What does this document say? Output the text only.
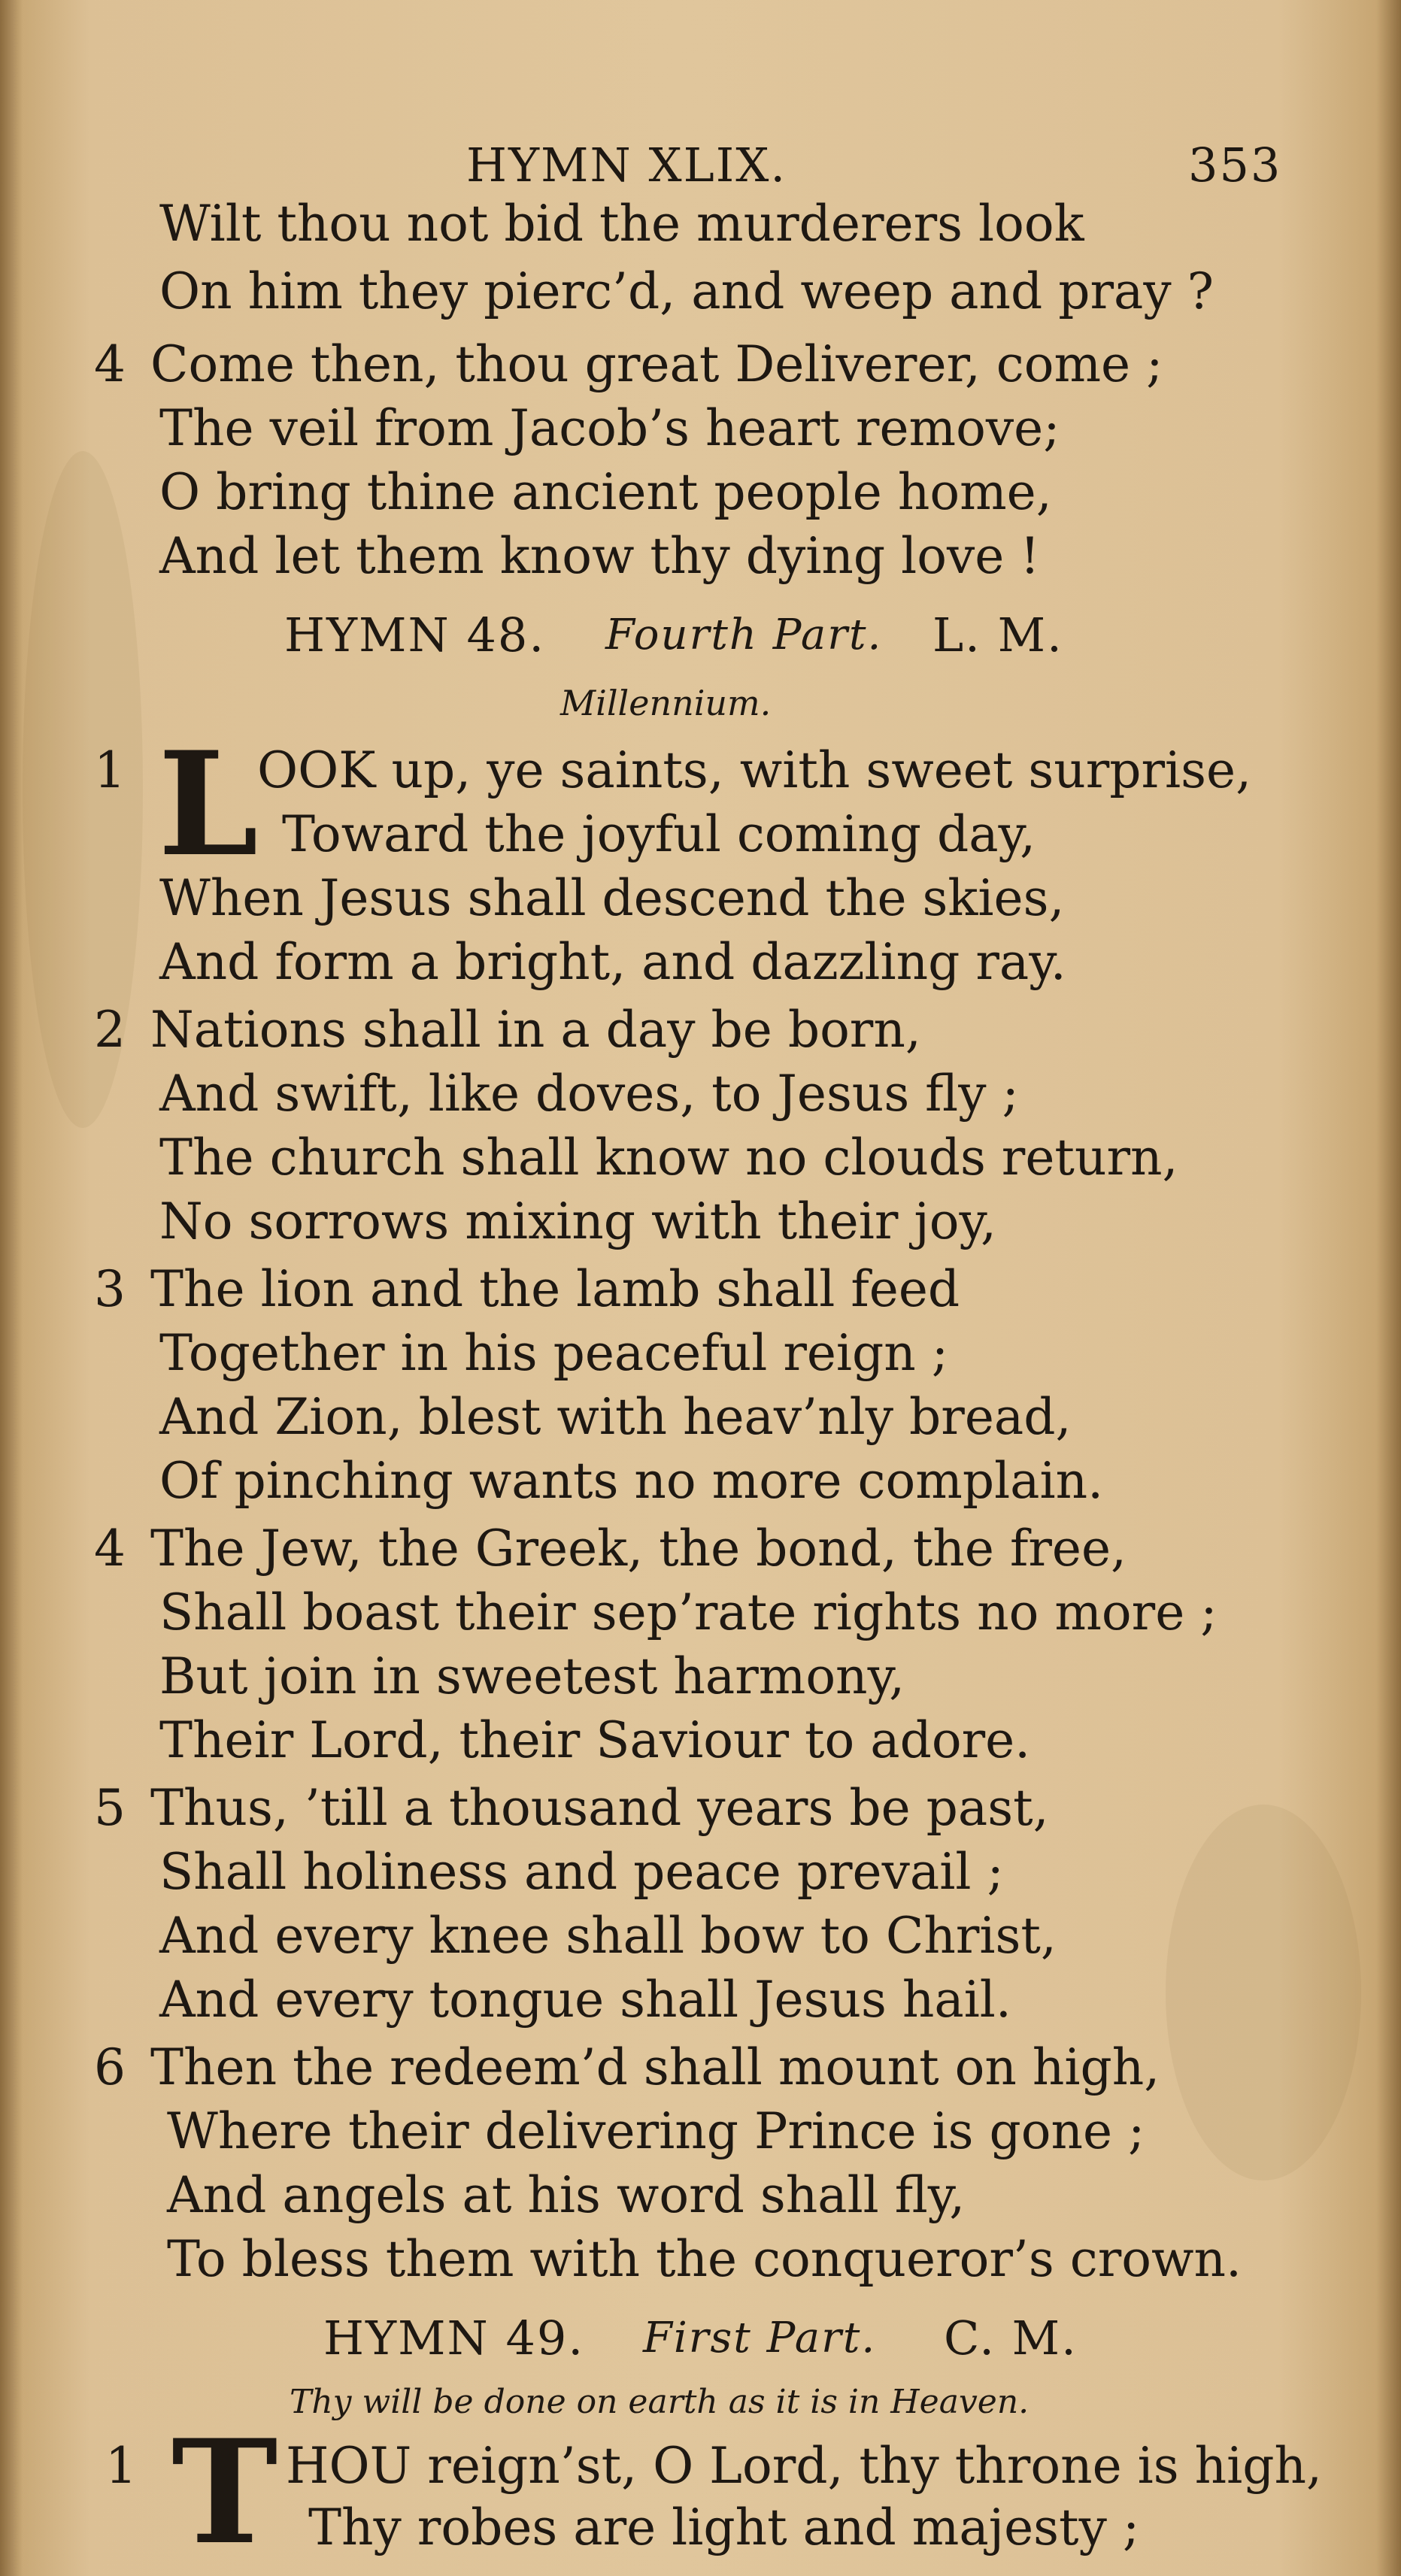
HYMN XLIX.	353
Wilt thou not bid the murderers look
On him they pierc’d, and weep and pray ?
4 Come then, thou great Deliverer, come ;
The veil from Jacob’s heart remove;
O bring thine ancient people home,
And let them know thy dying love !
HYMN 48. Fourth Part. L. M.
Millennium.
1 L
OOK up, ye saints, with sweet surprise,
Toward the joyful coming day,
When Jesus shall descend the skies,
And form a bright, and dazzling ray.
2 Nations shall in a day be born,
And swift, like doves, to Jesus fly ;
The church shall know no clouds return,
No sorrows mixing with their joy,
3 The lion and the lamb shall feed
Together in his peaceful reign ;
And Zion, blest with heav’nly bread,
Of pinching wants no more complain.
4 The Jew, the Greek, the bond, the free,
Shall boast their sep’rate rights no more ;
But join in sweetest harmony,
Their Lord, their Saviour to adore.
5 Thus, ’till a thousand years be past,
Shall holiness and peace prevail ;
And every knee shall bow to Christ,
And every tongue shall Jesus hail.
6 Then the redeem’d shall mount on high,
Where their delivering Prince is gone ;
And angels at his word shall fly,
To bless them with the conqueror’s crown.
HYMN 49. First Part. C. M.
Thy will be done on earth as it is in Heaven.
1 T HOU reign’st, O Lord, thy throne is high,
Thy robes are light and majesty ;
